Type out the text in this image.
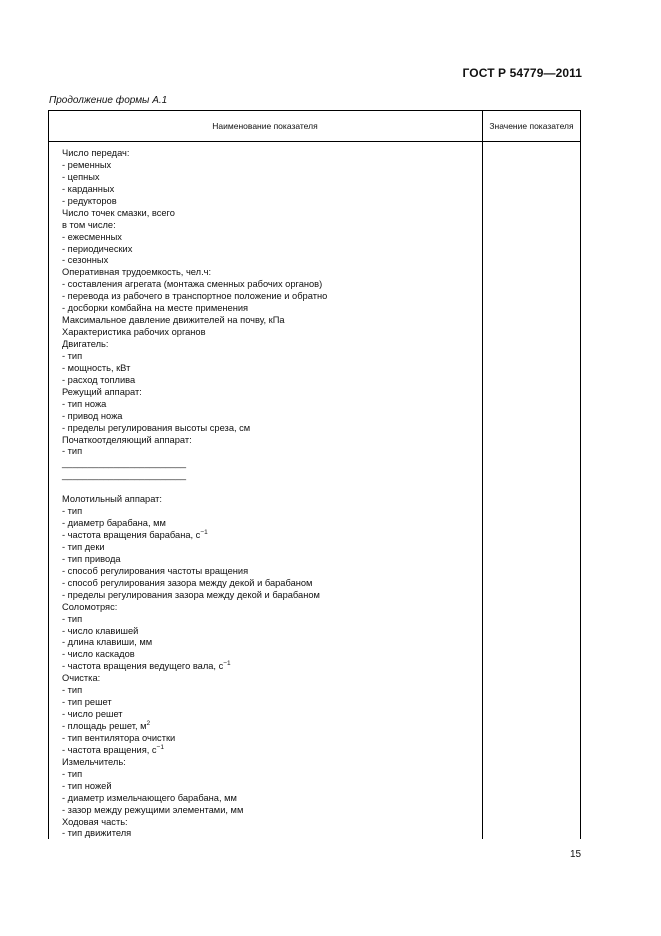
ГОСТ Р 54779—2011
Продолжение формы А.1
Наименование показателя	Значение показателя
Число передач:
- ременных
- цепных
- карданных
- редукторов
Число точек смазки, всего
в том числе:
- ежесменных
- периодических
- сезонных
Оперативная трудоемкость, чел.ч:
- составления агрегата (монтажа сменных рабочих органов)
- перевода из рабочего в транспортное положение и обратно
- досборки комбайна на месте применения
Максимальное давление движителей на почву, кПа
Характеристика рабочих органов
Двигатель:
- тип
- мощность, кВт
- расход топлива
Режущий аппарат:
- тип ножа
- привод ножа
- пределы регулирования высоты среза, см
Початкоотделяющий аппарат:
- тип
________________________
________________________
Молотильный аппарат:
- тип
- диаметр барабана, мм
- частота вращения барабана, $с^{-1}$
- тип деки
- тип привода
- способ регулирования частоты вращения
- способ регулирования зазора между декой и барабаном
- пределы регулирования зазора между декой и барабаном
Соломотряс:
- тип
- число клавишей
- длина клавиши, мм
- число каскадов
- частота вращения ведущего вала, $с^{-1}$
Очистка:
- тип
- тип решет
- число решет
- площадь решет, $м^2$
- тип вентилятора очистки
- частота вращения, $с^{-1}$
Измельчитель:
- тип
- тип ножей
- диаметр измельчающего барабана, мм
- зазор между режущими элементами, мм
Ходовая часть:
- тип движителя
15
